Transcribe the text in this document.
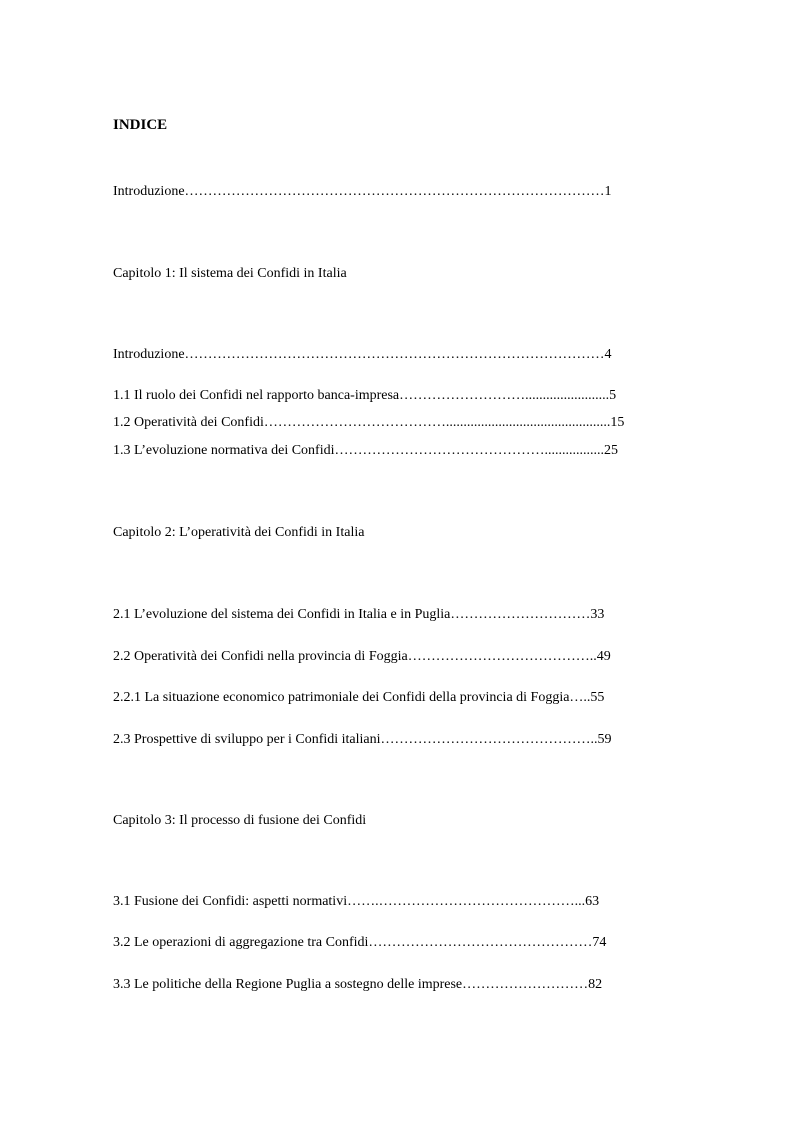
INDICE
Introduzione………………………………………………………………………………1
Capitolo 1: Il sistema dei Confidi in Italia
Introduzione………………………………………………………………………………4
1.1 Il ruolo dei Confidi nel rapporto banca-impresa………………………........................5
1.2 Operatività dei Confidi…………………………………...............................................15
1.3 L’evoluzione normativa dei Confidi……………………………………….................25
Capitolo 2: L’operatività dei Confidi in Italia
2.1 L’evoluzione del sistema dei Confidi in Italia e in Puglia…………………………33
2.2 Operatività dei Confidi nella provincia di Foggia…………………………………..49
2.2.1 La situazione economico patrimoniale dei Confidi della provincia di Foggia…..55
2.3 Prospettive di sviluppo per i Confidi italiani………………………………………..59
Capitolo 3: Il processo di fusione dei Confidi
3.1 Fusione dei Confidi: aspetti normativi…….……………………………………...63
3.2 Le operazioni di aggregazione tra Confidi…………………………………………74
3.3 Le politiche della Regione Puglia a sostegno delle imprese………………………82
